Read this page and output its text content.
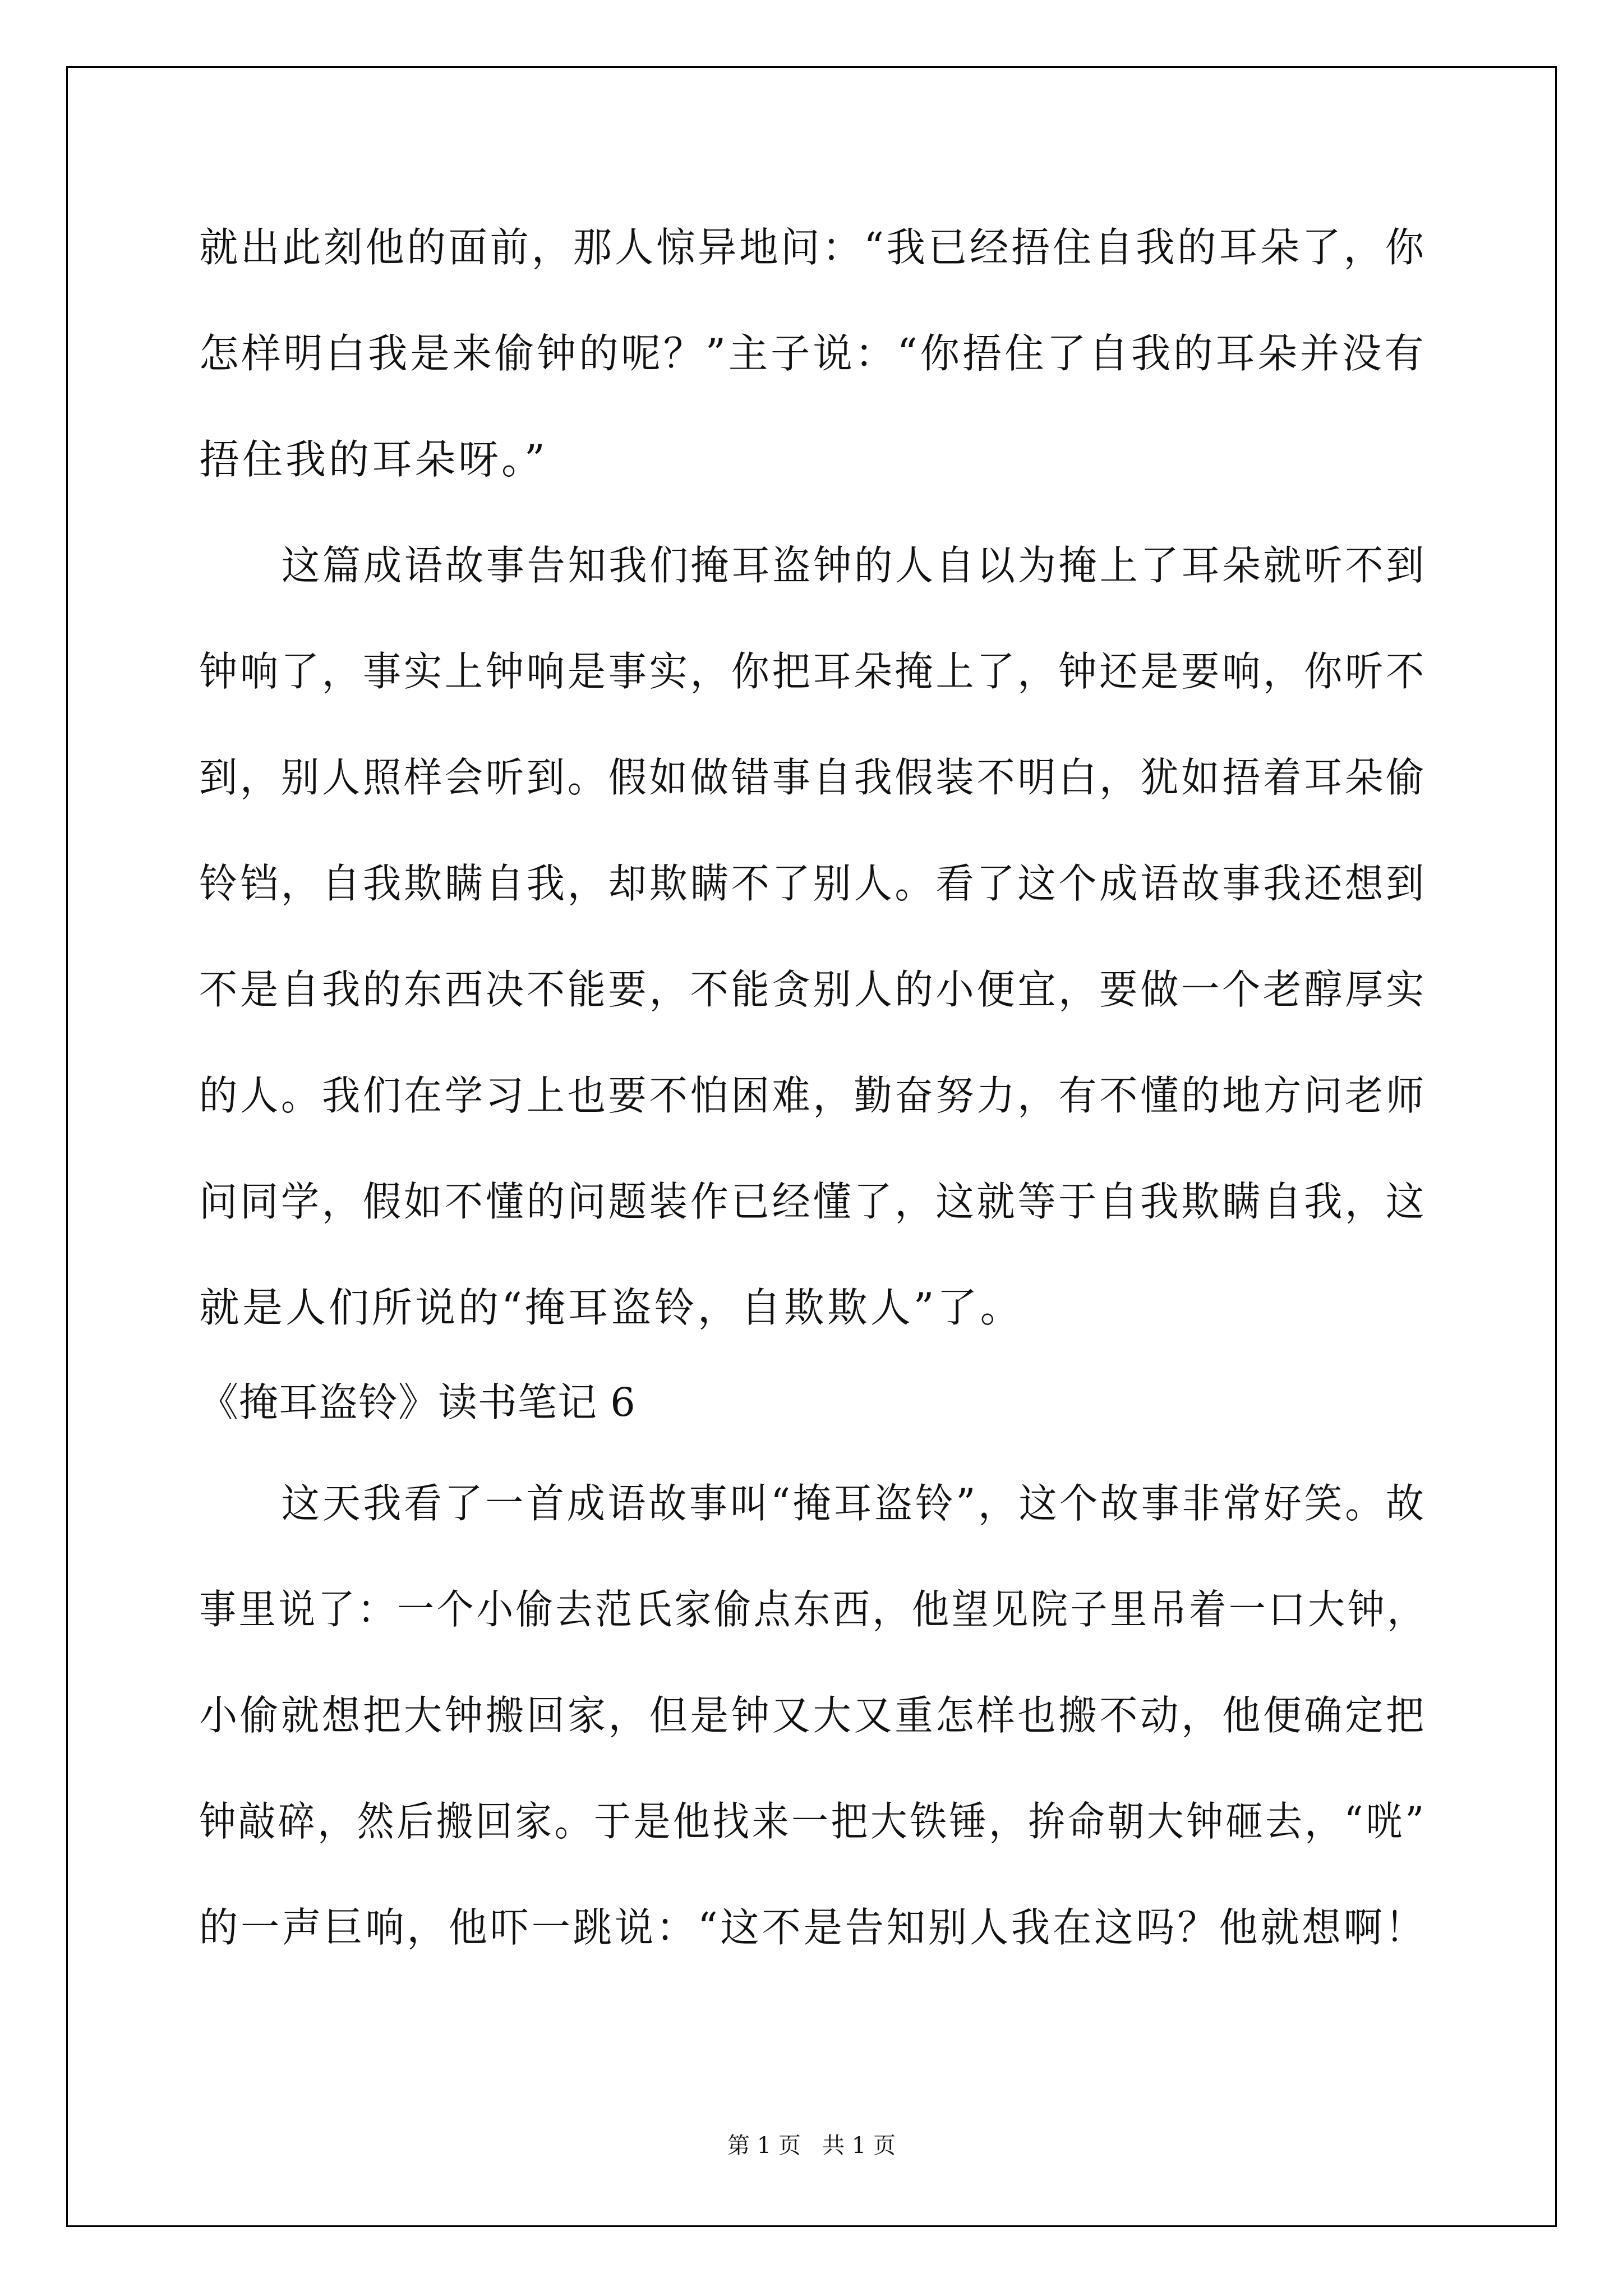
就出此刻他的面前，那人惊异地问：“我已经捂住自我的耳朵了，你
怎样明白我是来偷钟的呢？”主子说：“你捂住了自我的耳朵并没有
捂住我的耳朵呀。”
这篇成语故事告知我们掩耳盗钟的人自以为掩上了耳朵就听不到
钟响了，事实上钟响是事实，你把耳朵掩上了，钟还是要响，你听不
到，别人照样会听到。假如做错事自我假装不明白，犹如捂着耳朵偷
铃铛，自我欺瞒自我，却欺瞒不了别人。看了这个成语故事我还想到
不是自我的东西决不能要，不能贪别人的小便宜，要做一个老醇厚实
的人。我们在学习上也要不怕困难，勤奋努力，有不懂的地方问老师
问同学，假如不懂的问题装作已经懂了，这就等于自我欺瞒自我，这
就是人们所说的“掩耳盗铃，自欺欺人”了。
《掩耳盗铃》读书笔记 6
这天我看了一首成语故事叫“掩耳盗铃”，这个故事非常好笑。故
事里说了：一个小偷去范氏家偷点东西，他望见院子里吊着一口大钟，
小偷就想把大钟搬回家，但是钟又大又重怎样也搬不动，他便确定把
钟敲碎，然后搬回家。于是他找来一把大铁锤，拚命朝大钟砸去，“咣”
的一声巨响，他吓一跳说：“这不是告知别人我在这吗？他就想啊！
第 1 页   共 1 页
